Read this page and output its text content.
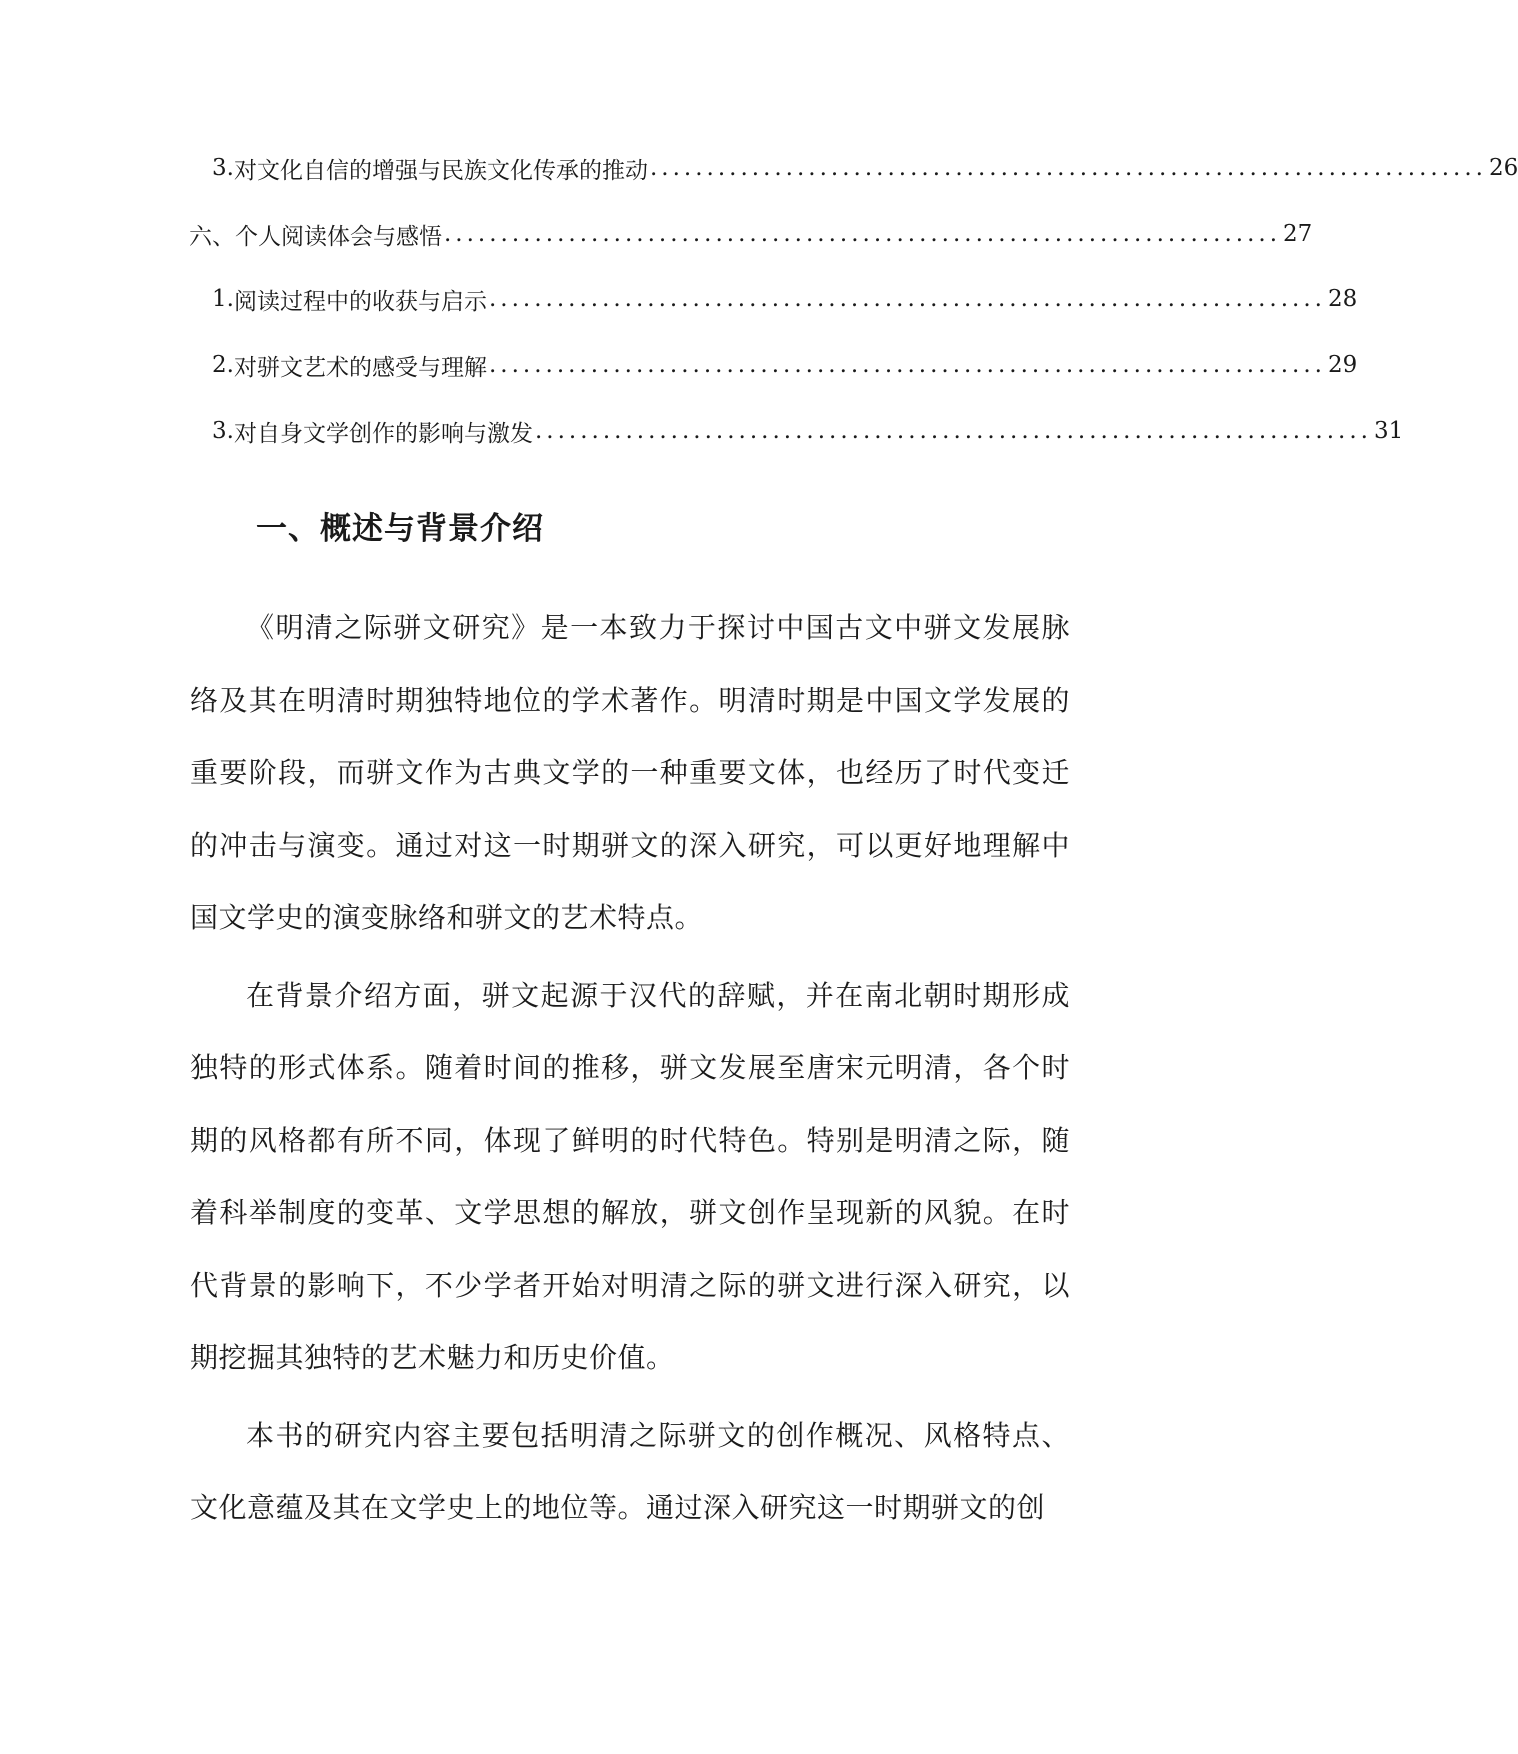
3. 对文化自信的增强与民族文化传承的推动 .......................................................................... 26
六、个人阅读体会与感悟 .......................................................................... 27
1. 阅读过程中的收获与启示 .......................................................................... 28
2. 对骈文艺术的感受与理解 .......................................................................... 29
3. 对自身文学创作的影响与激发 .......................................................................... 31
一、概述与背景介绍

《明清之际骈文研究》是一本致力于探讨中国古文中骈文发展脉络及其在明清时期独特地位的学术著作。明清时期是中国文学发展的重要阶段，而骈文作为古典文学的一种重要文体，也经历了时代变迁的冲击与演变。通过对这一时期骈文的深入研究，可以更好地理解中国文学史的演变脉络和骈文的艺术特点。

在背景介绍方面，骈文起源于汉代的辞赋，并在南北朝时期形成独特的形式体系。随着时间的推移，骈文发展至唐宋元明清，各个时期的风格都有所不同，体现了鲜明的时代特色。特别是明清之际，随着科举制度的变革、文学思想的解放，骈文创作呈现新的风貌。在时代背景的影响下，不少学者开始对明清之际的骈文进行深入研究，以期挖掘其独特的艺术魅力和历史价值。

本书的研究内容主要包括明清之际骈文的创作概况、风格特点、文化意蕴及其在文学史上的地位等。通过深入研究这一时期骈文的创
